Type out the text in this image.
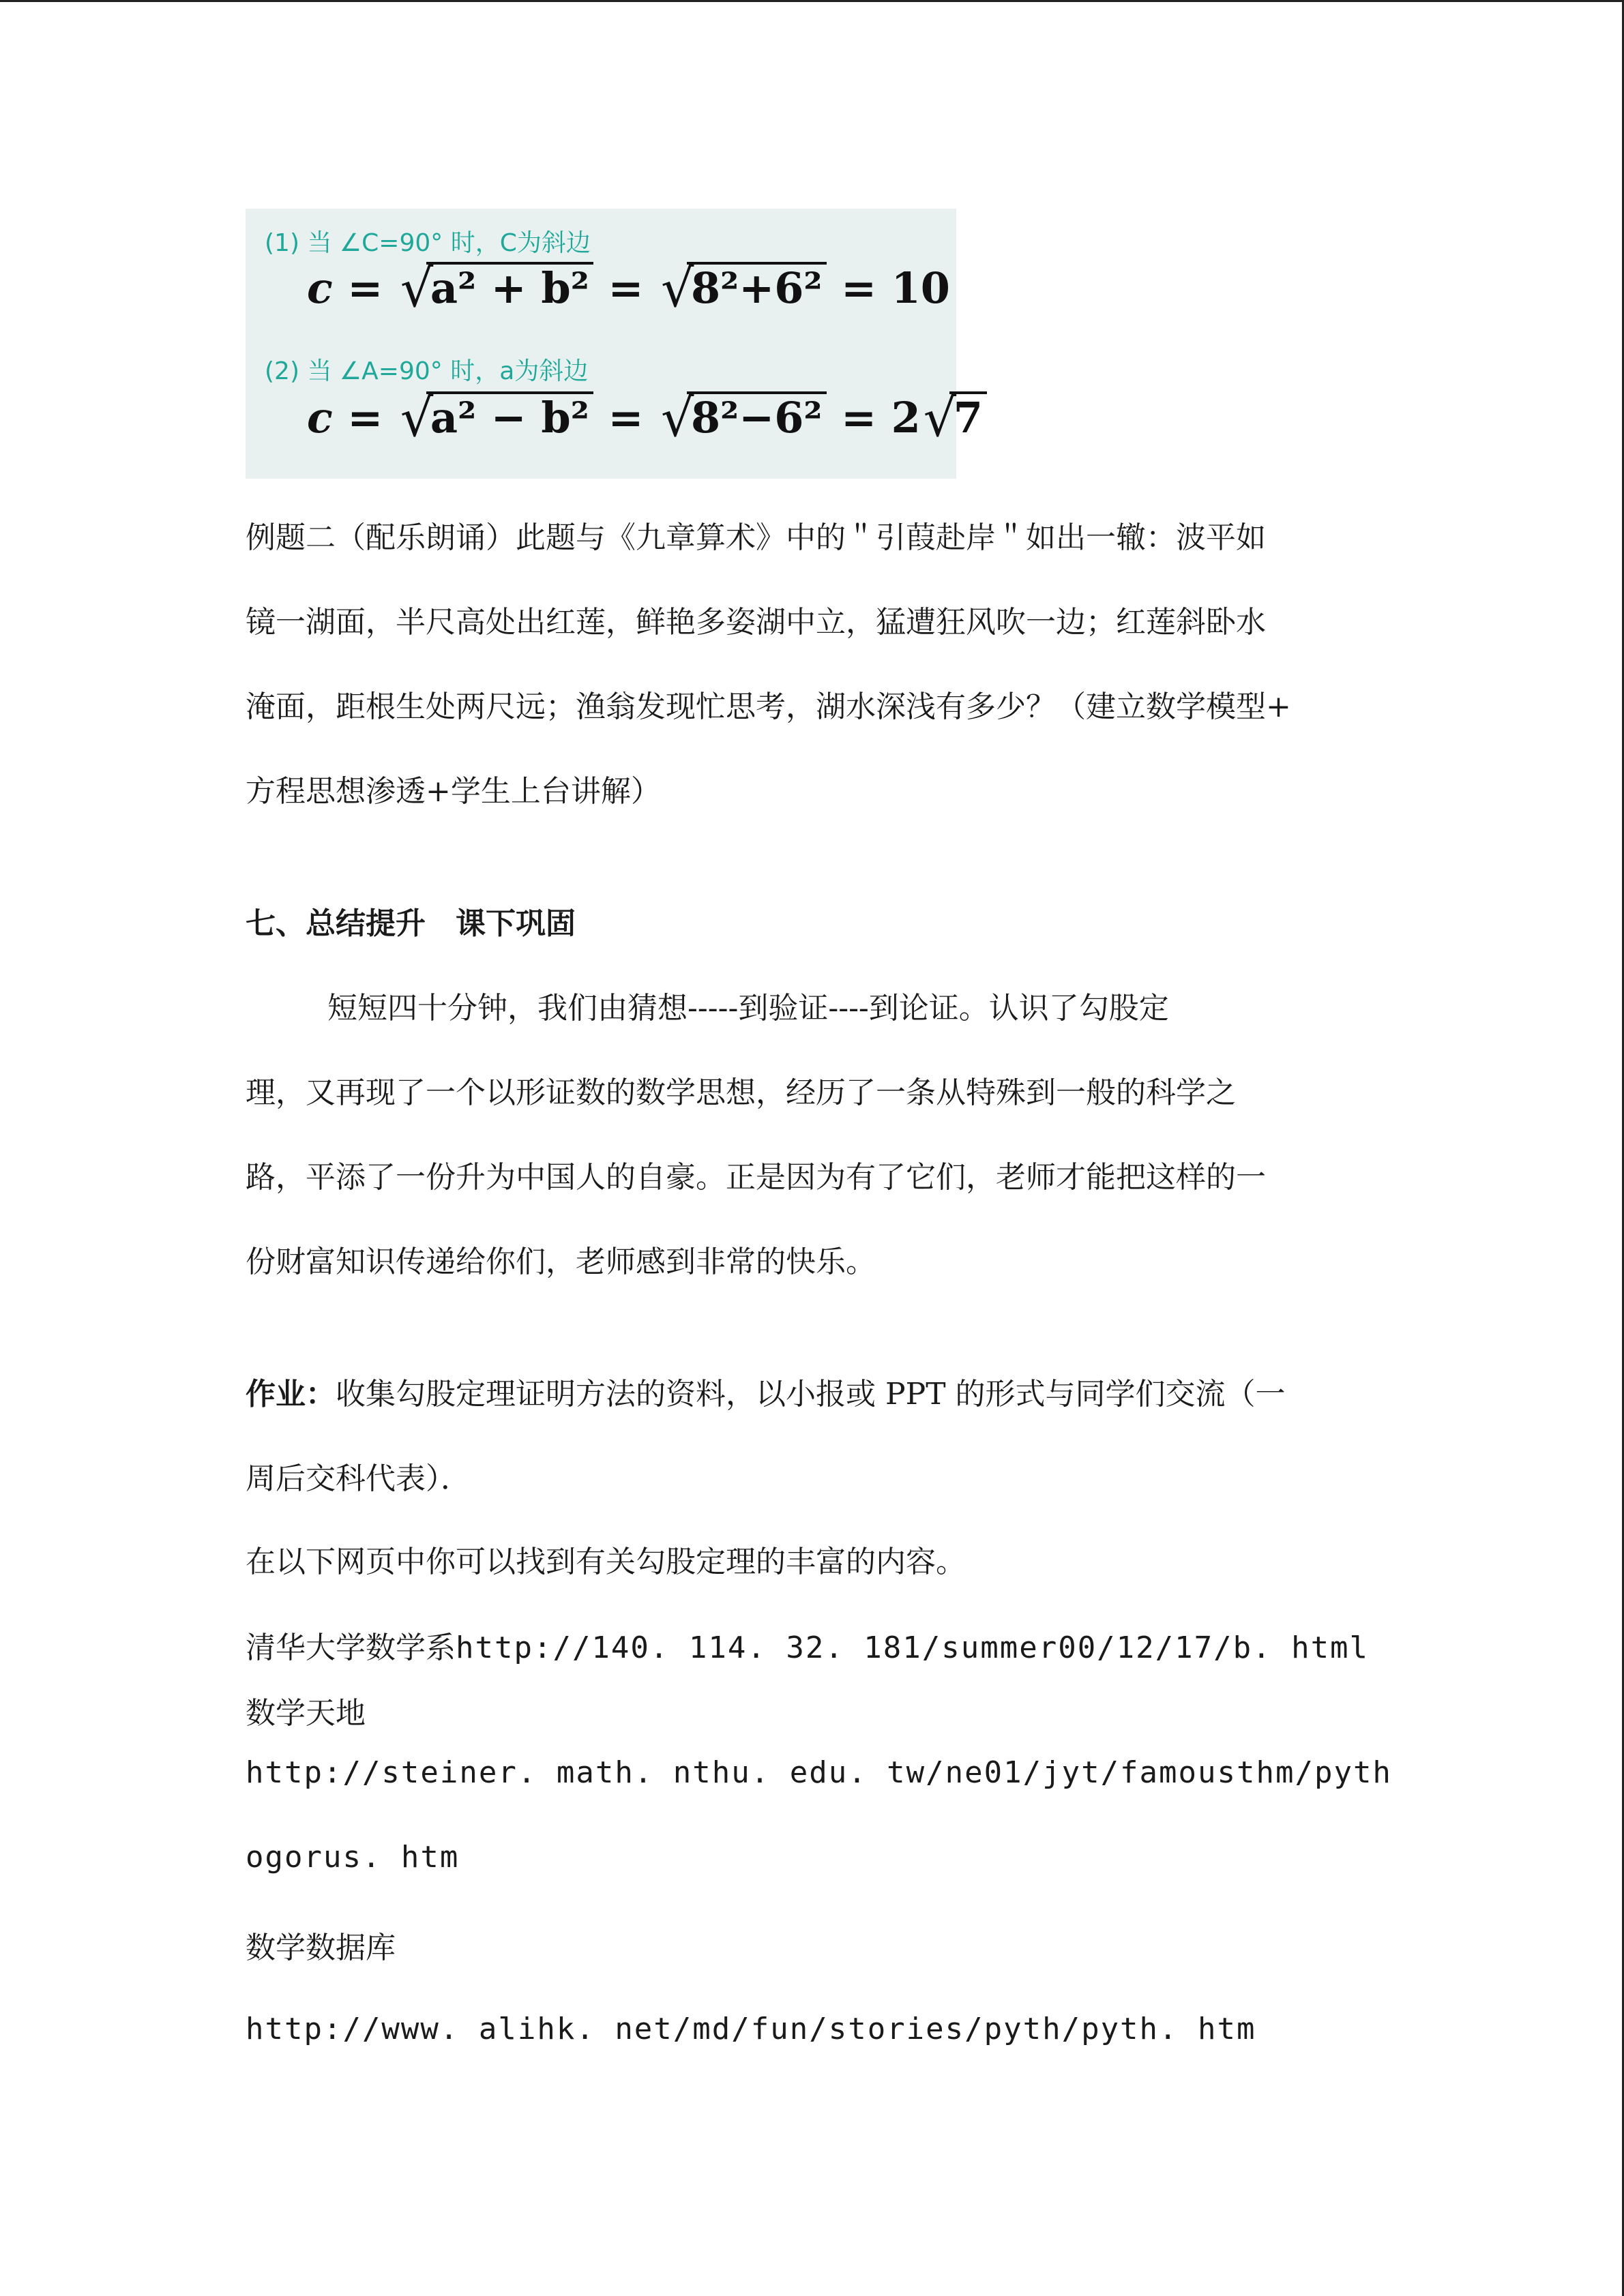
(1) 当 ∠C=90° 时，C为斜边
c = √
a² + b² = √
8²+6² = 10
(2) 当 ∠A=90° 时，a为斜边
c = √
a² − b² = √
8²−6² = 2 √
7
例题二（配乐朗诵）此题与《九章算术》中的＂引葭赴岸＂如出一辙：波平如
镜一湖面，半尺高处出红莲，鲜艳多姿湖中立，猛遭狂风吹一边；红莲斜卧水
淹面，距根生处两尺远；渔翁发现忙思考，湖水深浅有多少？（建立数学模型+
方程思想渗透+学生上台讲解）
七、总结提升　课下巩固
短短四十分钟，我们由猜想-----到验证----到论证。认识了勾股定
理，又再现了一个以形证数的数学思想，经历了一条从特殊到一般的科学之
路，平添了一份升为中国人的自豪。正是因为有了它们，老师才能把这样的一
份财富知识传递给你们，老师感到非常的快乐。
作业：收集勾股定理证明方法的资料，以小报或 PPT 的形式与同学们交流（一
周后交科代表）．
在以下网页中你可以找到有关勾股定理的丰富的内容。
清华大学数学系http://140. 114. 32. 181/summer00/12/17/b. html
数学天地
http://steiner. math. nthu. edu. tw/ne01/jyt/famousthm/pyth
ogorus. htm
数学数据库
http://www. alihk. net/md/fun/stories/pyth/pyth. htm
